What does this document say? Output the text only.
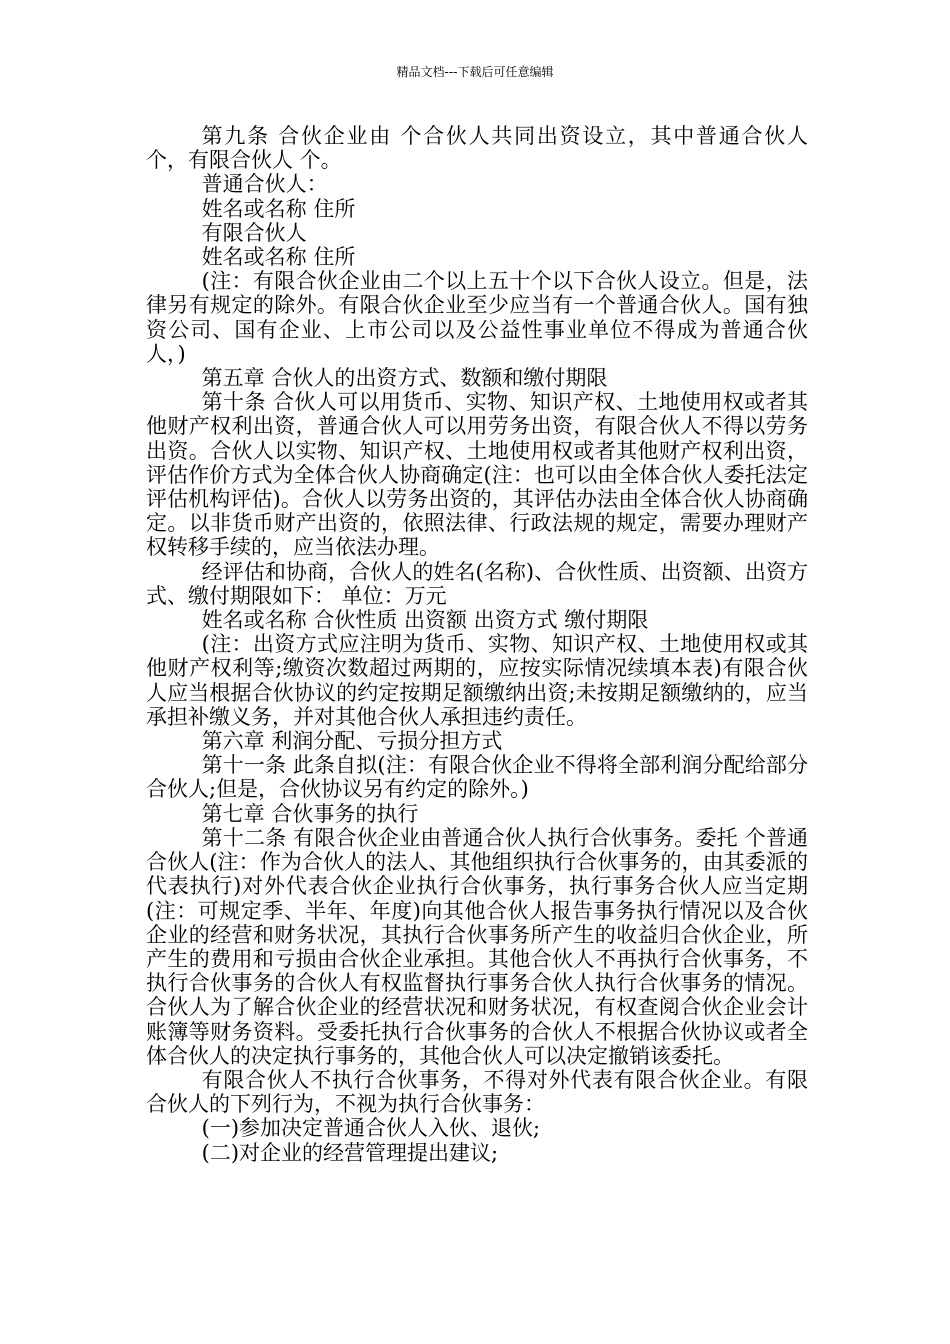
精品文档---下载后可任意编辑

第九条 合伙企业由 个合伙人共同出资设立，其中普通合伙人 个，有限合伙人 个。

普通合伙人：

姓名或名称 住所

有限合伙人

姓名或名称 住所

(注：有限合伙企业由二个以上五十个以下合伙人设立。但是，法律另有规定的除外。有限合伙企业至少应当有一个普通合伙人。国有独资公司、国有企业、上市公司以及公益性事业单位不得成为普通合伙人，)

第五章 合伙人的出资方式、数额和缴付期限

第十条 合伙人可以用货币、实物、知识产权、土地使用权或者其他财产权利出资，普通合伙人可以用劳务出资，有限合伙人不得以劳务出资。合伙人以实物、知识产权、土地使用权或者其他财产权利出资，评估作价方式为全体合伙人协商确定(注：也可以由全体合伙人委托法定评估机构评估)。合伙人以劳务出资的，其评估办法由全体合伙人协商确定。以非货币财产出资的，依照法律、行政法规的规定，需要办理财产权转移手续的，应当依法办理。

经评估和协商，合伙人的姓名(名称)、合伙性质、出资额、出资方式、缴付期限如下： 单位：万元

姓名或名称 合伙性质 出资额 出资方式 缴付期限

(注：出资方式应注明为货币、实物、知识产权、土地使用权或其他财产权利等;缴资次数超过两期的，应按实际情况续填本表)有限合伙人应当根据合伙协议的约定按期足额缴纳出资;未按期足额缴纳的，应当承担补缴义务，并对其他合伙人承担违约责任。

第六章 利润分配、亏损分担方式

第十一条 此条自拟(注：有限合伙企业不得将全部利润分配给部分合伙人;但是，合伙协议另有约定的除外。)

第七章 合伙事务的执行

第十二条 有限合伙企业由普通合伙人执行合伙事务。委托 个普通合伙人(注：作为合伙人的法人、其他组织执行合伙事务的，由其委派的代表执行)对外代表合伙企业执行合伙事务，执行事务合伙人应当定期(注：可规定季、半年、年度)向其他合伙人报告事务执行情况以及合伙企业的经营和财务状况，其执行合伙事务所产生的收益归合伙企业，所产生的费用和亏损由合伙企业承担。其他合伙人不再执行合伙事务，不执行合伙事务的合伙人有权监督执行事务合伙人执行合伙事务的情况。合伙人为了解合伙企业的经营状况和财务状况，有权查阅合伙企业会计账簿等财务资料。受委托执行合伙事务的合伙人不根据合伙协议或者全体合伙人的决定执行事务的，其他合伙人可以决定撤销该委托。

有限合伙人不执行合伙事务，不得对外代表有限合伙企业。有限合伙人的下列行为，不视为执行合伙事务：

(一)参加决定普通合伙人入伙、退伙;

(二)对企业的经营管理提出建议;
